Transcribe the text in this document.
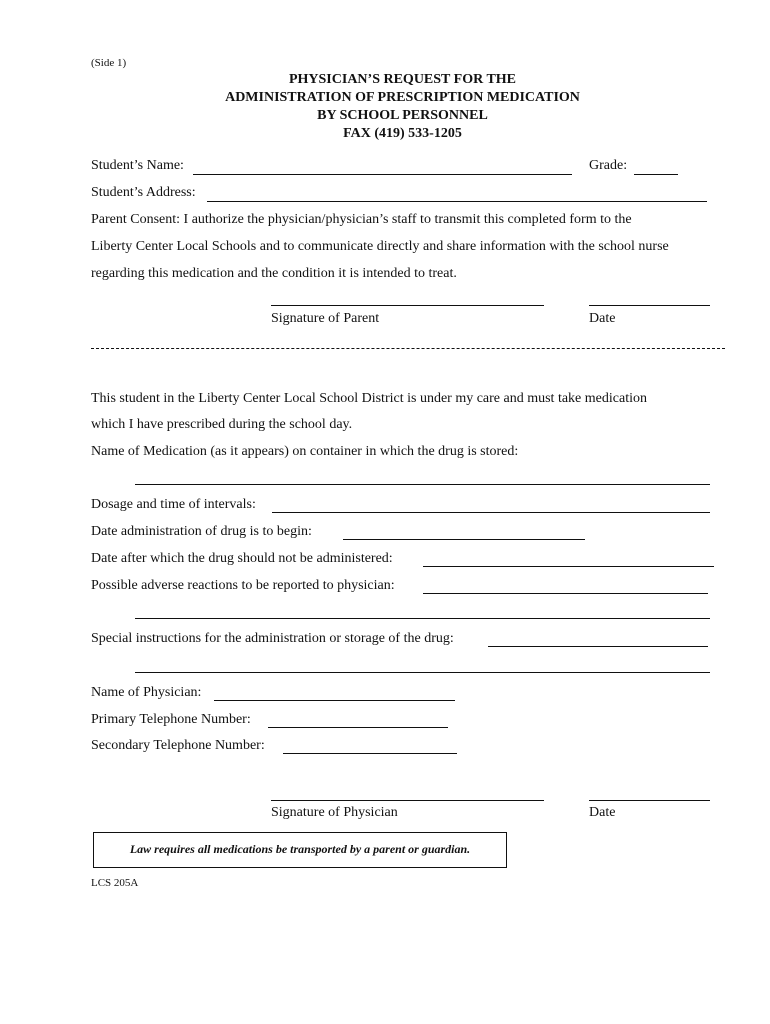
(Side 1)
PHYSICIAN’S REQUEST FOR THE
ADMINISTRATION OF PRESCRIPTION MEDICATION
BY SCHOOL PERSONNEL
FAX (419) 533-1205
Student’s Name:	Grade:
Student’s Address:
Parent Consent: I authorize the physician/physician’s staff to transmit this completed form to the
Liberty Center Local Schools and to communicate directly and share information with the school nurse
regarding this medication and the condition it is intended to treat.
Signature of Parent	Date
This student in the Liberty Center Local School District is under my care and must take medication
which I have prescribed during the school day.
Name of Medication (as it appears) on container in which the drug is stored:
Dosage and time of intervals:
Date administration of drug is to begin:
Date after which the drug should not be administered:
Possible adverse reactions to be reported to physician:
Special instructions for the administration or storage of the drug:
Name of Physician:
Primary Telephone Number:
Secondary Telephone Number:
Signature of Physician	Date
Law requires all medications be transported by a parent or guardian.
LCS 205A
